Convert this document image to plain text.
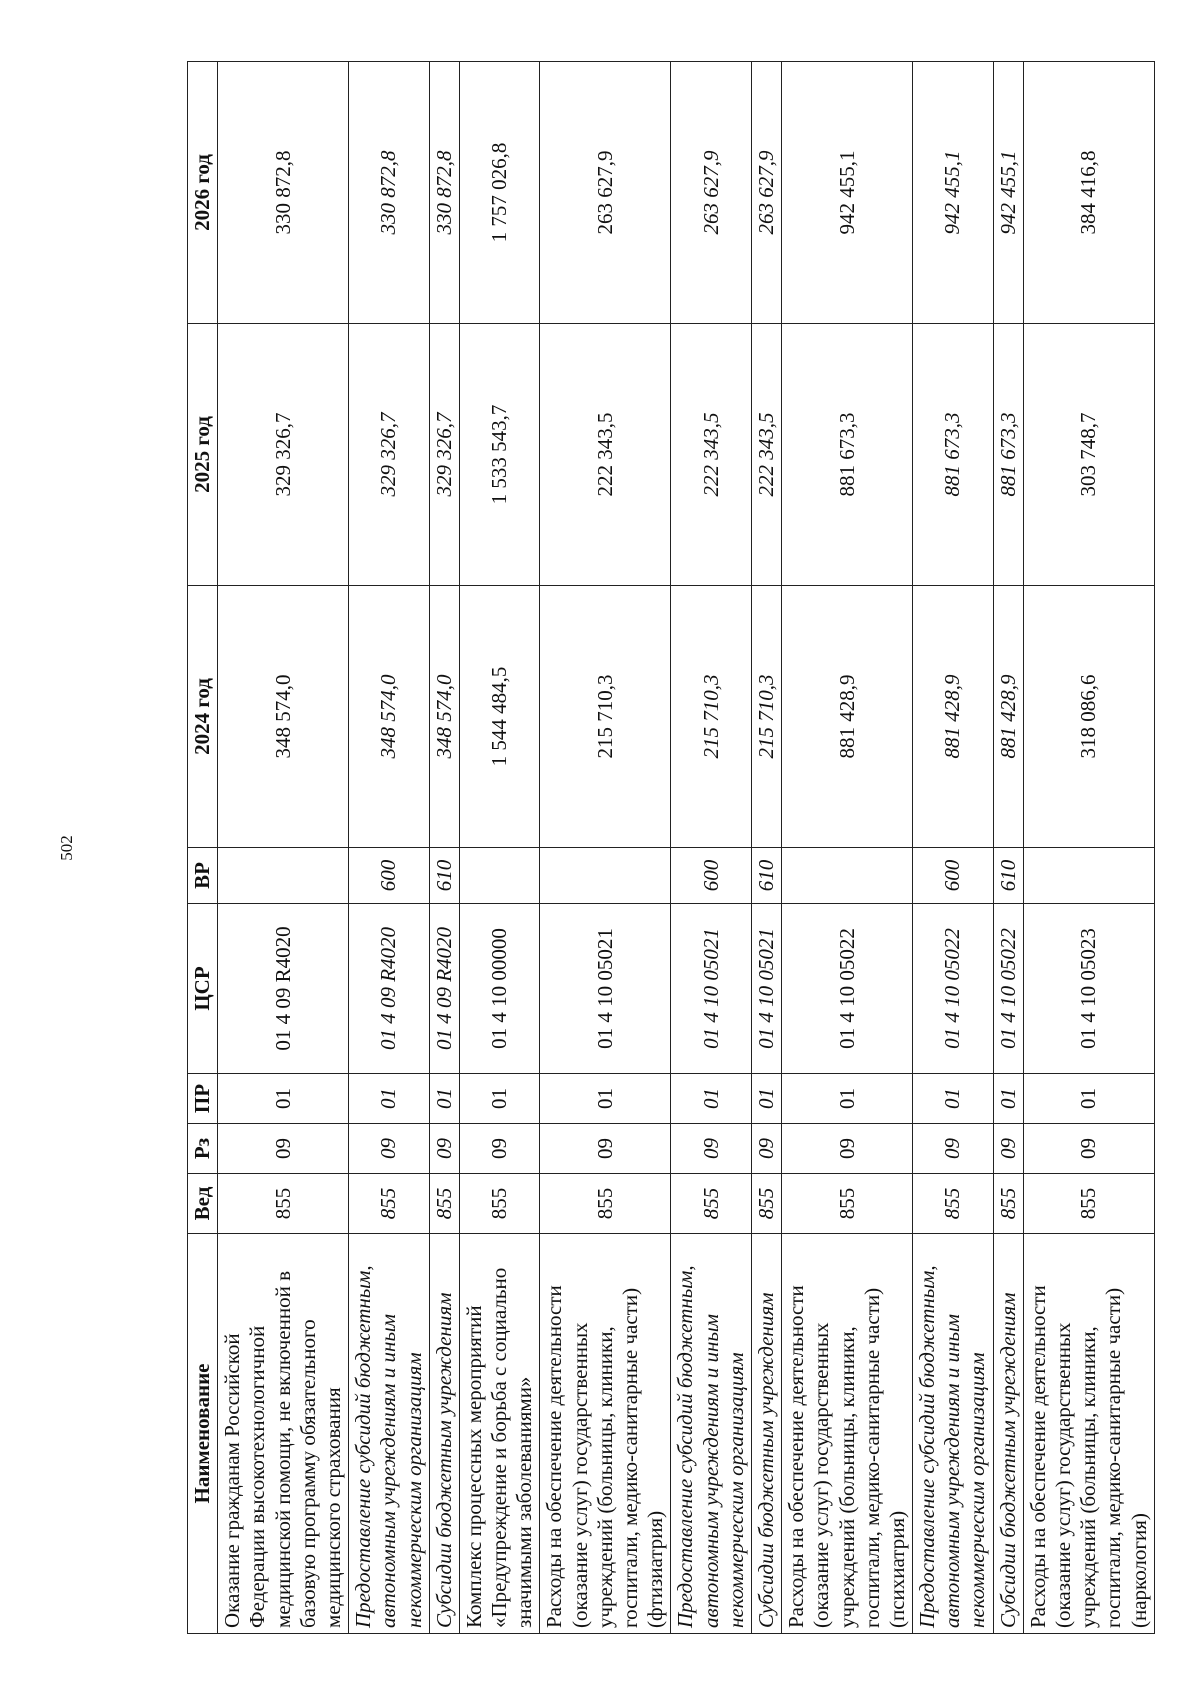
502
Наименование	Вед	Рз	ПР	ЦСР	ВР	2024 год	2025 год	2026 год
Оказание гражданам Российской Федерации высокотехнологичной медицинской помощи, не включенной в базовую программу обязательного медицинского страхования	855	09	01	01 4 09 R4020		348 574,0	329 326,7	330 872,8
Предоставление субсидий бюджетным, автономным учреждениям и иным некоммерческим организациям	855	09	01	01 4 09 R4020	600	348 574,0	329 326,7	330 872,8
Субсидии бюджетным учреждениям	855	09	01	01 4 09 R4020	610	348 574,0	329 326,7	330 872,8
Комплекс процессных мероприятий «Предупреждение и борьба с социально значимыми заболеваниями»	855	09	01	01 4 10 00000		1 544 484,5	1 533 543,7	1 757 026,8
Расходы на обеспечение деятельности (оказание услуг) государственных учреждений (больницы, клиники, госпитали, медико-санитарные части) (фтизиатрия)	855	09	01	01 4 10 05021		215 710,3	222 343,5	263 627,9
Предоставление субсидий бюджетным, автономным учреждениям и иным некоммерческим организациям	855	09	01	01 4 10 05021	600	215 710,3	222 343,5	263 627,9
Субсидии бюджетным учреждениям	855	09	01	01 4 10 05021	610	215 710,3	222 343,5	263 627,9
Расходы на обеспечение деятельности (оказание услуг) государственных учреждений (больницы, клиники, госпитали, медико-санитарные части) (психиатрия)	855	09	01	01 4 10 05022		881 428,9	881 673,3	942 455,1
Предоставление субсидий бюджетным, автономным учреждениям и иным некоммерческим организациям	855	09	01	01 4 10 05022	600	881 428,9	881 673,3	942 455,1
Субсидии бюджетным учреждениям	855	09	01	01 4 10 05022	610	881 428,9	881 673,3	942 455,1
Расходы на обеспечение деятельности (оказание услуг) государственных учреждений (больницы, клиники, госпитали, медико-санитарные части) (наркология)	855	09	01	01 4 10 05023		318 086,6	303 748,7	384 416,8
